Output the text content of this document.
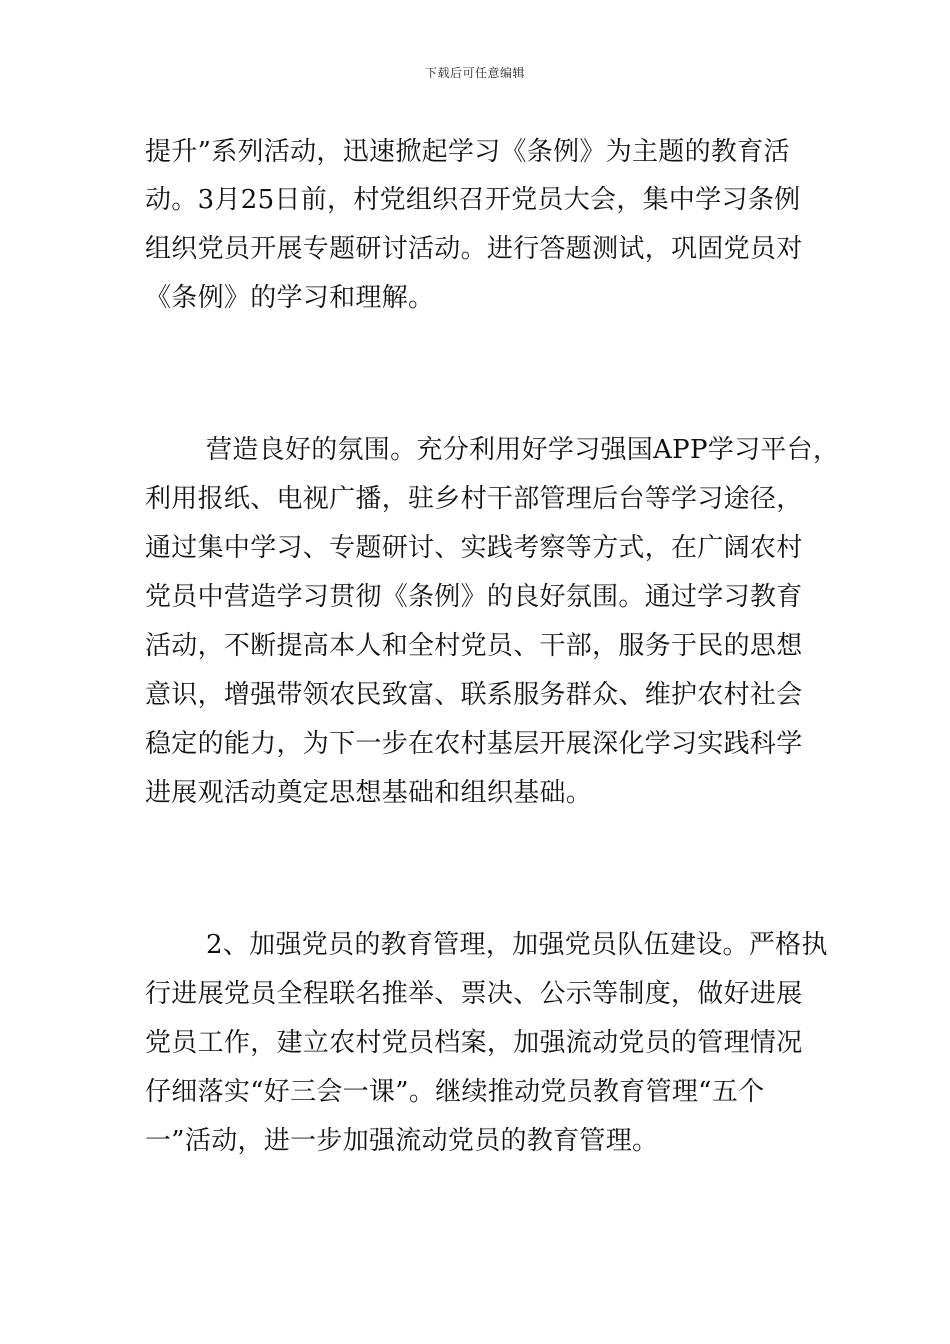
下载后可任意编辑
提升”系列活动，迅速掀起学习《条例》为主题的教育活
动。3月25日前，村党组织召开党员大会，集中学习条例
组织党员开展专题研讨活动。进行答题测试，巩固党员对
《条例》的学习和理解。
营造良好的氛围。充分利用好学习强国APP学习平台，
利用报纸、电视广播，驻乡村干部管理后台等学习途径，
通过集中学习、专题研讨、实践考察等方式，在广阔农村
党员中营造学习贯彻《条例》的良好氛围。通过学习教育
活动，不断提高本人和全村党员、干部，服务于民的思想
意识，增强带领农民致富、联系服务群众、维护农村社会
稳定的能力，为下一步在农村基层开展深化学习实践科学
进展观活动奠定思想基础和组织基础。
2、加强党员的教育管理，加强党员队伍建设。严格执
行进展党员全程联名推举、票决、公示等制度，做好进展
党员工作，建立农村党员档案，加强流动党员的管理情况
仔细落实“好三会一课”。继续推动党员教育管理“五个
一”活动，进一步加强流动党员的教育管理。
